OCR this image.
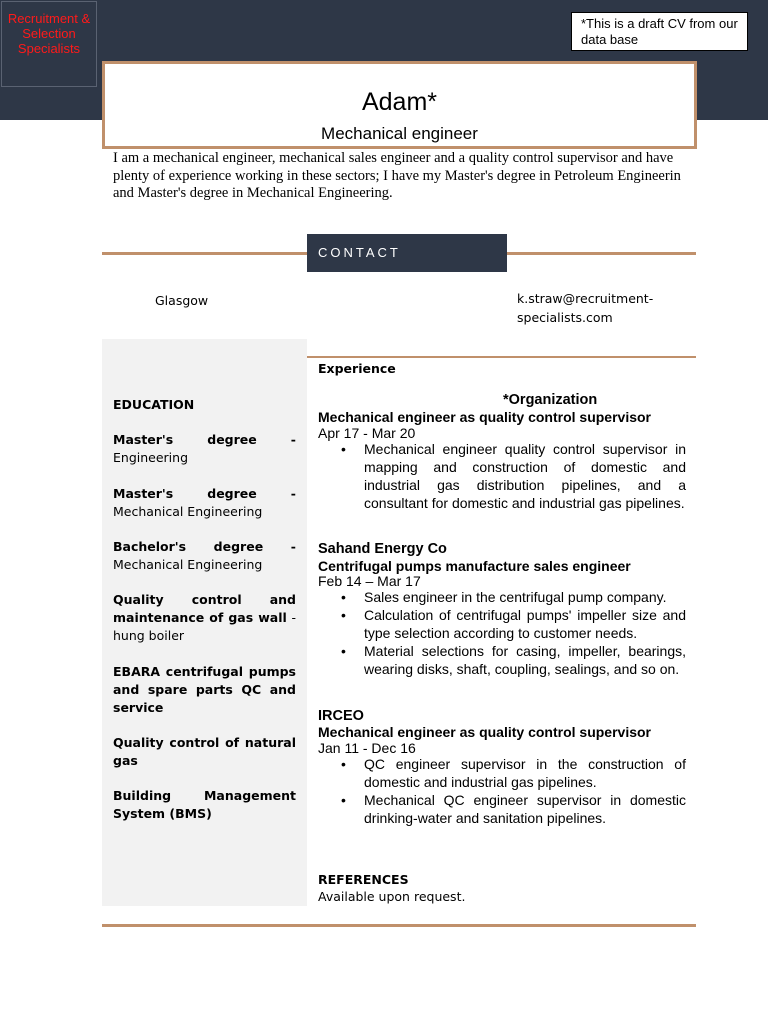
Recruitment & Selection Specialists
*This is a draft CV from our data base
Adam*
Mechanical engineer

I am a mechanical engineer, mechanical sales engineer and a quality control supervisor and have plenty of experience working in these sectors; I have my Master's degree in Petroleum Engineerin and Master's degree in Mechanical Engineering.

CONTACT
Glasgow	k.straw@recruitment-specialists.com
EDUCATION
Master's degree - Engineering
Master's degree - Mechanical Engineering
Bachelor's degree - Mechanical Engineering
Quality control and maintenance of gas wall - hung boiler
EBARA centrifugal pumps and spare parts QC and service
Quality control of natural gas
Building Management System (BMS)
Experience
*Organization
Mechanical engineer as quality control supervisor
Apr 17 - Mar 20
• Mechanical engineer quality control supervisor in mapping and construction of domestic and industrial gas distribution pipelines, and a consultant for domestic and industrial gas pipelines.
Sahand Energy Co
Centrifugal pumps manufacture sales engineer
Feb 14 – Mar 17
• Sales engineer in the centrifugal pump company.
• Calculation of centrifugal pumps' impeller size and type selection according to customer needs.
• Material selections for casing, impeller, bearings, wearing disks, shaft, coupling, sealings, and so on.
IRCEO
Mechanical engineer as quality control supervisor
Jan 11 - Dec 16
• QC engineer supervisor in the construction of domestic and industrial gas pipelines.
• Mechanical QC engineer supervisor in domestic drinking-water and sanitation pipelines.
REFERENCES
Available upon request.
